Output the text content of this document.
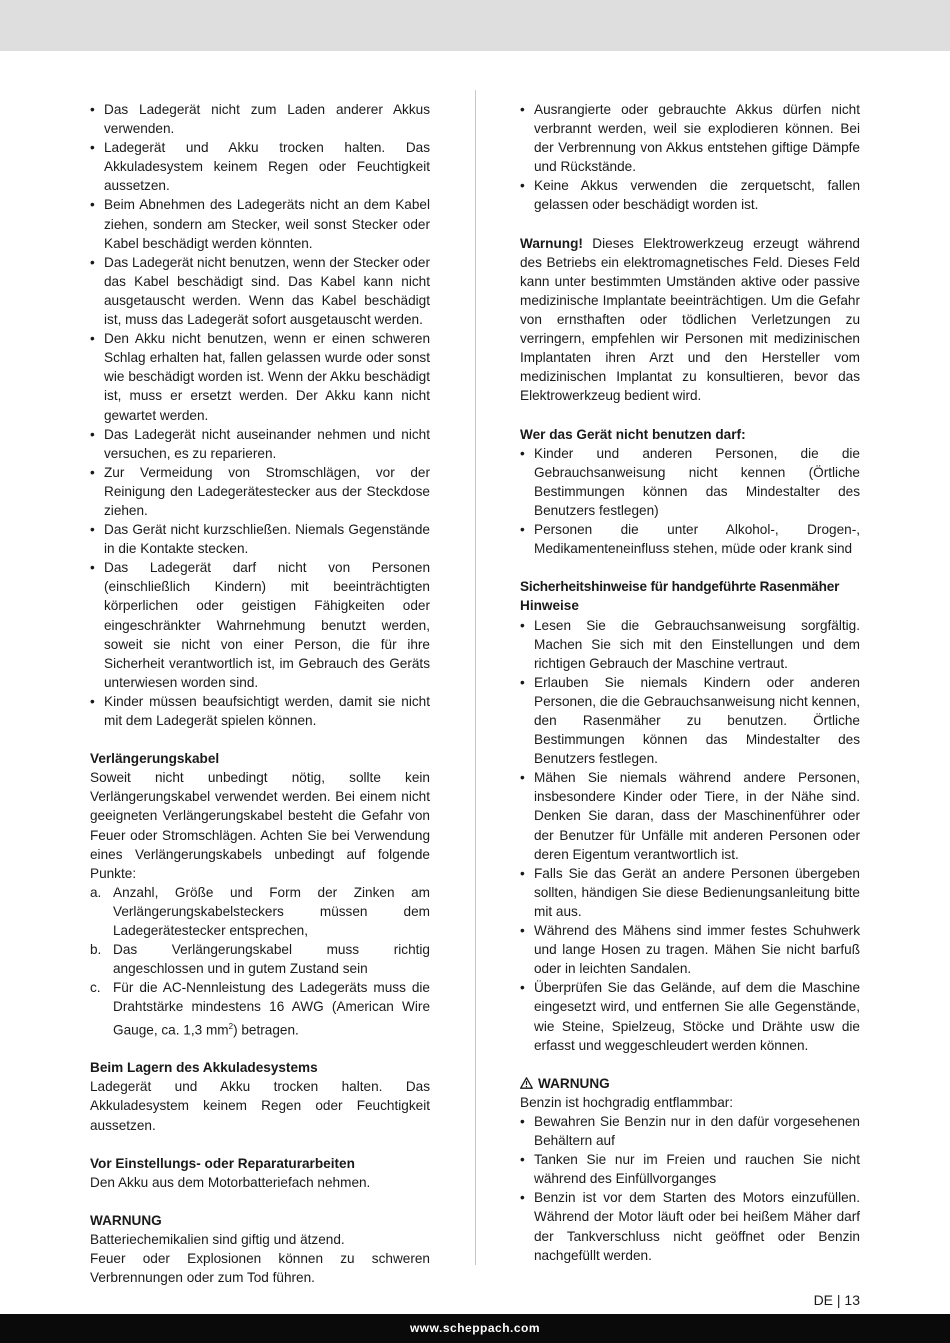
• Das Ladegerät nicht zum Laden anderer Akkus verwenden.
• Ladegerät und Akku trocken halten. Das Akkuladesystem keinem Regen oder Feuchtigkeit aussetzen.
• Beim Abnehmen des Ladegeräts nicht an dem Kabel ziehen, sondern am Stecker, weil sonst Stecker oder Kabel beschädigt werden könnten.
• Das Ladegerät nicht benutzen, wenn der Stecker oder das Kabel beschädigt sind. Das Kabel kann nicht ausgetauscht werden. Wenn das Kabel beschädigt ist, muss das Ladegerät sofort ausgetauscht werden.
• Den Akku nicht benutzen, wenn er einen schweren Schlag erhalten hat, fallen gelassen wurde oder sonst wie beschädigt worden ist. Wenn der Akku beschädigt ist, muss er ersetzt werden. Der Akku kann nicht gewartet werden.
• Das Ladegerät nicht auseinander nehmen und nicht versuchen, es zu reparieren.
• Zur Vermeidung von Stromschlägen, vor der Reinigung den Ladegerätestecker aus der Steckdose ziehen.
• Das Gerät nicht kurzschließen. Niemals Gegenstände in die Kontakte stecken.
• Das Ladegerät darf nicht von Personen (einschließlich Kindern) mit beeinträchtigten körperlichen oder geistigen Fähigkeiten oder eingeschränkter Wahrnehmung benutzt werden, soweit sie nicht von einer Person, die für ihre Sicherheit verantwortlich ist, im Gebrauch des Geräts unterwiesen worden sind.
• Kinder müssen beaufsichtigt werden, damit sie nicht mit dem Ladegerät spielen können.

Verlängerungskabel

Soweit nicht unbedingt nötig, sollte kein Verlängerungskabel verwendet werden. Bei einem nicht geeigneten Verlängerungskabel besteht die Gefahr von Feuer oder Stromschlägen. Achten Sie bei Verwendung eines Verlängerungskabels unbedingt auf folgende Punkte:

a. Anzahl, Größe und Form der Zinken am Verlängerungskabelsteckers müssen dem Ladegerätestecker entsprechen,
b. Das Verlängerungskabel muss richtig angeschlossen und in gutem Zustand sein
c. Für die AC-Nennleistung des Ladegeräts muss die Drahtstärke mindestens 16 AWG (American Wire Gauge, ca. 1,3 $mm^2$) betragen.

Beim Lagern des Akkuladesystems

Ladegerät und Akku trocken halten. Das Akkuladesystem keinem Regen oder Feuchtigkeit aussetzen.

Vor Einstellungs- oder Reparaturarbeiten

Den Akku aus dem Motorbatteriefach nehmen.

WARNUNG

Batteriechemikalien sind giftig und ätzend.

Feuer oder Explosionen können zu schweren Verbrennungen oder zum Tod führen.

• Ausrangierte oder gebrauchte Akkus dürfen nicht verbrannt werden, weil sie explodieren können. Bei der Verbrennung von Akkus entstehen giftige Dämpfe und Rückstände.
• Keine Akkus verwenden die zerquetscht, fallen gelassen oder beschädigt worden ist.

Warnung! Dieses Elektrowerkzeug erzeugt während des Betriebs ein elektromagnetisches Feld. Dieses Feld kann unter bestimmten Umständen aktive oder passive medizinische Implantate beeinträchtigen. Um die Gefahr von ernsthaften oder tödlichen Verletzungen zu verringern, empfehlen wir Personen mit medizinischen Implantaten ihren Arzt und den Hersteller vom medizinischen Implantat zu konsultieren, bevor das Elektrowerkzeug bedient wird.

Wer das Gerät nicht benutzen darf:

• Kinder und anderen Personen, die die Gebrauchsanweisung nicht kennen (Örtliche Bestimmungen können das Mindestalter des Benutzers festlegen)
• Personen die unter Alkohol-, Drogen-, Medikamenteneinfluss stehen, müde oder krank sind

Sicherheitshinweise für handgeführte Rasenmäher

Hinweise

• Lesen Sie die Gebrauchsanweisung sorgfältig. Machen Sie sich mit den Einstellungen und dem richtigen Gebrauch der Maschine vertraut.
• Erlauben Sie niemals Kindern oder anderen Personen, die die Gebrauchsanweisung nicht kennen, den Rasenmäher zu benutzen. Örtliche Bestimmungen können das Mindestalter des Benutzers festlegen.
• Mähen Sie niemals während andere Personen, insbesondere Kinder oder Tiere, in der Nähe sind. Denken Sie daran, dass der Maschinenführer oder der Benutzer für Unfälle mit anderen Personen oder deren Eigentum verantwortlich ist.
• Falls Sie das Gerät an andere Personen übergeben sollten, händigen Sie diese Bedienungsanleitung bitte mit aus.
• Während des Mähens sind immer festes Schuhwerk und lange Hosen zu tragen. Mähen Sie nicht barfuß oder in leichten Sandalen.
• Überprüfen Sie das Gelände, auf dem die Maschine eingesetzt wird, und entfernen Sie alle Gegenstände, wie Steine, Spielzeug, Stöcke und Drähte usw die erfasst und weggeschleudert werden können.

WARNUNG

Benzin ist hochgradig entflammbar:

• Bewahren Sie Benzin nur in den dafür vorgesehenen Behältern auf
• Tanken Sie nur im Freien und rauchen Sie nicht während des Einfüllvorganges
• Benzin ist vor dem Starten des Motors einzufüllen. Während der Motor läuft oder bei heißem Mäher darf der Tankverschluss nicht geöffnet oder Benzin nachgefüllt werden.
DE | 13
www.scheppach.com
